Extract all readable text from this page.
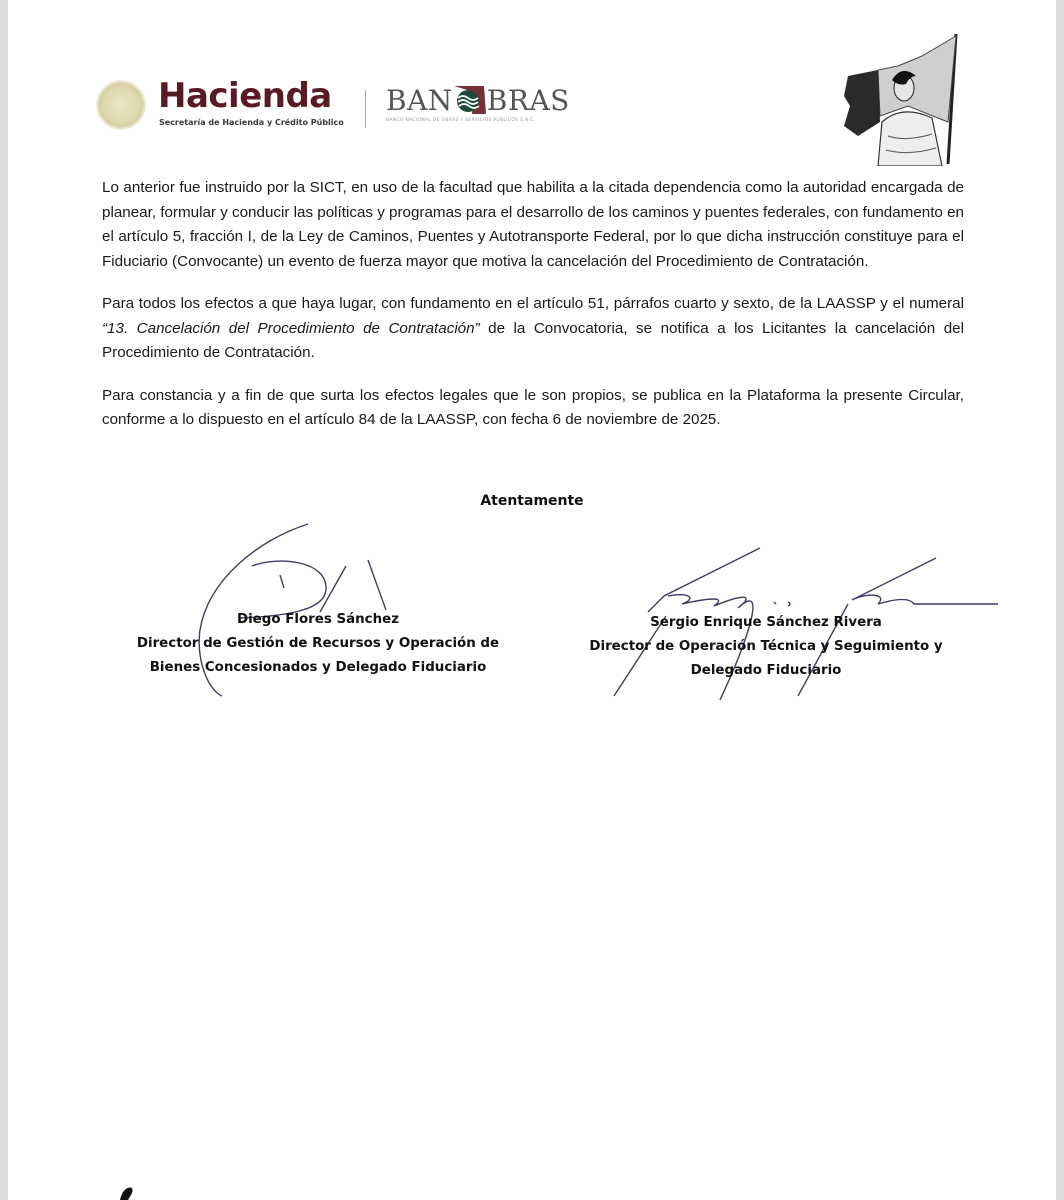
Hacienda
Secretaría de Hacienda y Crédito Público
BAN BRAS
BANCO NACIONAL DE OBRAS Y SERVICIOS PÚBLICOS S.N.C

Lo anterior fue instruido por la SICT, en uso de la facultad que habilita a la citada dependencia como la autoridad encargada de planear, formular y conducir las políticas y programas para el desarrollo de los caminos y puentes federales, con fundamento en el artículo 5, fracción I, de la Ley de Caminos, Puentes y Autotransporte Federal, por lo que dicha instrucción constituye para el Fiduciario (Convocante) un evento de fuerza mayor que motiva la cancelación del Procedimiento de Contratación.

Para todos los efectos a que haya lugar, con fundamento en el artículo 51, párrafos cuarto y sexto, de la LAASSP y el numeral “13. Cancelación del Procedimiento de Contratación” de la Convocatoria, se notifica a los Licitantes la cancelación del Procedimiento de Contratación.

Para constancia y a fin de que surta los efectos legales que le son propios, se publica en la Plataforma la presente Circular, conforme a lo dispuesto en el artículo 84 de la LAASSP, con fecha 6 de noviembre de 2025.

Atentamente
Diego Flores Sánchez
Director de Gestión de Recursos y Operación de
Bienes Concesionados y Delegado Fiduciario
Sergio Enrique Sánchez Rivera
Director de Operación Técnica y Seguimiento y
Delegado Fiduciario
